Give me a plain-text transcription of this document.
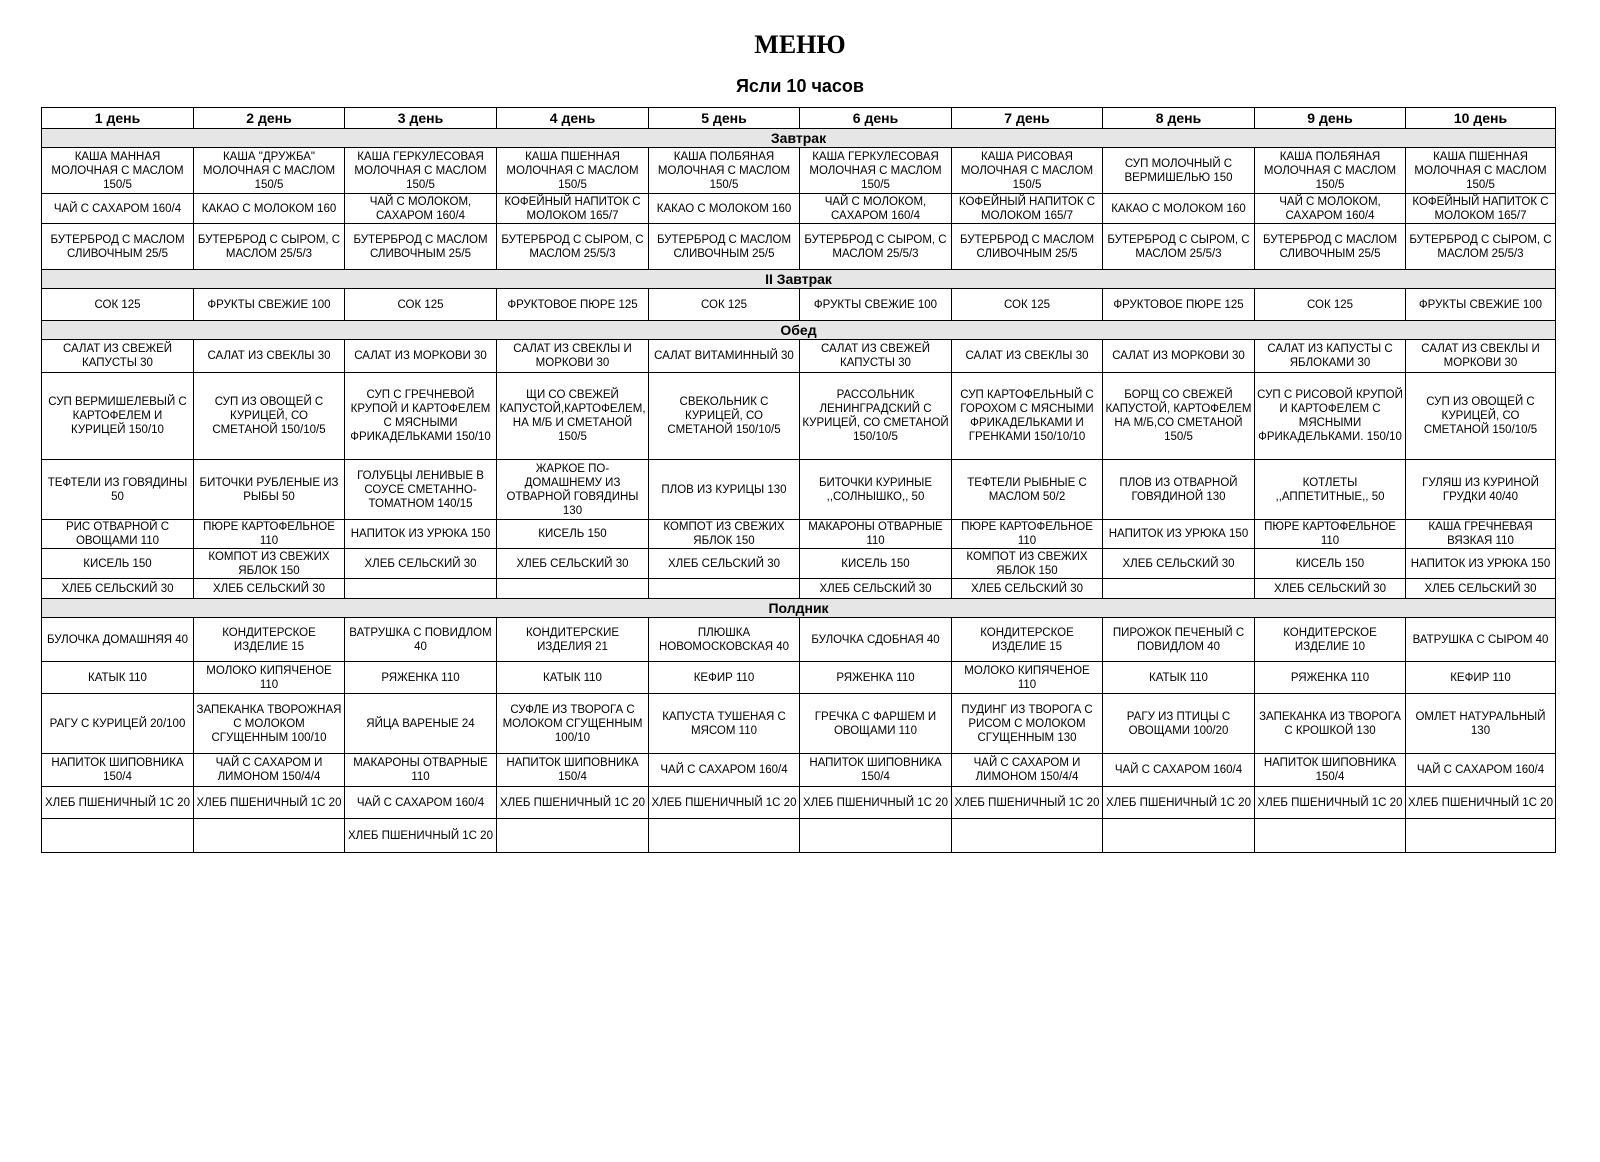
МЕНЮ
Ясли 10 часов
1 день	2 день	3 день	4 день	5 день	6 день	7 день	8 день	9 день	10 день
Завтрак									
КАША МАННАЯ МОЛОЧНАЯ С МАСЛОМ 150/5	КАША "ДРУЖБА" МОЛОЧНАЯ С МАСЛОМ 150/5	КАША ГЕРКУЛЕСОВАЯ МОЛОЧНАЯ С МАСЛОМ 150/5	КАША ПШЕННАЯ МОЛОЧНАЯ С МАСЛОМ 150/5	КАША ПОЛБЯНАЯ МОЛОЧНАЯ С МАСЛОМ 150/5	КАША ГЕРКУЛЕСОВАЯ МОЛОЧНАЯ С МАСЛОМ 150/5	КАША РИСОВАЯ МОЛОЧНАЯ С МАСЛОМ 150/5	СУП МОЛОЧНЫЙ С ВЕРМИШЕЛЬЮ 150	КАША ПОЛБЯНАЯ МОЛОЧНАЯ С МАСЛОМ 150/5	КАША ПШЕННАЯ МОЛОЧНАЯ С МАСЛОМ 150/5
ЧАЙ С САХАРОМ 160/4	КАКАО С МОЛОКОМ 160	ЧАЙ С МОЛОКОМ, САХАРОМ 160/4	КОФЕЙНЫЙ НАПИТОК С МОЛОКОМ 165/7	КАКАО С МОЛОКОМ 160	ЧАЙ С МОЛОКОМ, САХАРОМ 160/4	КОФЕЙНЫЙ НАПИТОК С МОЛОКОМ 165/7	КАКАО С МОЛОКОМ 160	ЧАЙ С МОЛОКОМ, САХАРОМ 160/4	КОФЕЙНЫЙ НАПИТОК С МОЛОКОМ 165/7
БУТЕРБРОД С МАСЛОМ СЛИВОЧНЫМ 25/5	БУТЕРБРОД С СЫРОМ, С МАСЛОМ 25/5/3	БУТЕРБРОД С МАСЛОМ СЛИВОЧНЫМ 25/5	БУТЕРБРОД С СЫРОМ, С МАСЛОМ 25/5/3	БУТЕРБРОД С МАСЛОМ СЛИВОЧНЫМ 25/5	БУТЕРБРОД С СЫРОМ, С МАСЛОМ 25/5/3	БУТЕРБРОД С МАСЛОМ СЛИВОЧНЫМ 25/5	БУТЕРБРОД С СЫРОМ, С МАСЛОМ 25/5/3	БУТЕРБРОД С МАСЛОМ СЛИВОЧНЫМ 25/5	БУТЕРБРОД С СЫРОМ, С МАСЛОМ 25/5/3
II Завтрак									
СОК 125	ФРУКТЫ СВЕЖИЕ 100	СОК 125	ФРУКТОВОЕ ПЮРЕ 125	СОК 125	ФРУКТЫ СВЕЖИЕ 100	СОК 125	ФРУКТОВОЕ ПЮРЕ 125	СОК 125	ФРУКТЫ СВЕЖИЕ 100
Обед									
САЛАТ ИЗ СВЕЖЕЙ КАПУСТЫ 30	САЛАТ ИЗ СВЕКЛЫ 30	САЛАТ ИЗ МОРКОВИ 30	САЛАТ ИЗ СВЕКЛЫ И МОРКОВИ 30	САЛАТ ВИТАМИННЫЙ 30	САЛАТ ИЗ СВЕЖЕЙ КАПУСТЫ 30	САЛАТ ИЗ СВЕКЛЫ 30	САЛАТ ИЗ МОРКОВИ 30	САЛАТ ИЗ КАПУСТЫ С ЯБЛОКАМИ 30	САЛАТ ИЗ СВЕКЛЫ И МОРКОВИ 30
СУП ВЕРМИШЕЛЕВЫЙ С КАРТОФЕЛЕМ И КУРИЦЕЙ 150/10	СУП ИЗ ОВОЩЕЙ С КУРИЦЕЙ, СО СМЕТАНОЙ 150/10/5	СУП С ГРЕЧНЕВОЙ КРУПОЙ И КАРТОФЕЛЕМ С МЯСНЫМИ ФРИКАДЕЛЬКАМИ 150/10	ЩИ СО СВЕЖЕЙ КАПУСТОЙ,КАРТОФЕЛЕМ, НА М/Б И СМЕТАНОЙ 150/5	СВЕКОЛЬНИК С КУРИЦЕЙ, СО СМЕТАНОЙ 150/10/5	РАССОЛЬНИК ЛЕНИНГРАДСКИЙ С КУРИЦЕЙ, СО СМЕТАНОЙ 150/10/5	СУП КАРТОФЕЛЬНЫЙ С ГОРОХОМ С МЯСНЫМИ ФРИКАДЕЛЬКАМИ И ГРЕНКАМИ 150/10/10	БОРЩ СО СВЕЖЕЙ КАПУСТОЙ, КАРТОФЕЛЕМ НА М/Б,СО СМЕТАНОЙ 150/5	СУП С РИСОВОЙ КРУПОЙ И КАРТОФЕЛЕМ С МЯСНЫМИ ФРИКАДЕЛЬКАМИ. 150/10	СУП ИЗ ОВОЩЕЙ С КУРИЦЕЙ, СО СМЕТАНОЙ 150/10/5
ТЕФТЕЛИ ИЗ ГОВЯДИНЫ 50	БИТОЧКИ РУБЛЕНЫЕ ИЗ РЫБЫ 50	ГОЛУБЦЫ ЛЕНИВЫЕ В СОУСЕ СМЕТАННО-ТОМАТНОМ 140/15	ЖАРКОЕ ПО-ДОМАШНЕМУ ИЗ ОТВАРНОЙ ГОВЯДИНЫ 130	ПЛОВ ИЗ КУРИЦЫ 130	БИТОЧКИ КУРИНЫЕ ,,СОЛНЫШКО,, 50	ТЕФТЕЛИ РЫБНЫЕ С МАСЛОМ 50/2	ПЛОВ ИЗ ОТВАРНОЙ ГОВЯДИНОЙ 130	КОТЛЕТЫ ,,АППЕТИТНЫЕ,, 50	ГУЛЯШ ИЗ КУРИНОЙ ГРУДКИ 40/40
РИС ОТВАРНОЙ С ОВОЩАМИ 110	ПЮРЕ КАРТОФЕЛЬНОЕ 110	НАПИТОК ИЗ УРЮКА 150	КИСЕЛЬ 150	КОМПОТ ИЗ СВЕЖИХ ЯБЛОК 150	МАКАРОНЫ ОТВАРНЫЕ 110	ПЮРЕ КАРТОФЕЛЬНОЕ 110	НАПИТОК ИЗ УРЮКА 150	ПЮРЕ КАРТОФЕЛЬНОЕ 110	КАША ГРЕЧНЕВАЯ ВЯЗКАЯ 110
КИСЕЛЬ 150	КОМПОТ ИЗ СВЕЖИХ ЯБЛОК 150	ХЛЕБ СЕЛЬСКИЙ 30	ХЛЕБ СЕЛЬСКИЙ 30	ХЛЕБ СЕЛЬСКИЙ 30	КИСЕЛЬ 150	КОМПОТ ИЗ СВЕЖИХ ЯБЛОК 150	ХЛЕБ СЕЛЬСКИЙ 30	КИСЕЛЬ 150	НАПИТОК ИЗ УРЮКА 150
ХЛЕБ СЕЛЬСКИЙ 30	ХЛЕБ СЕЛЬСКИЙ 30				ХЛЕБ СЕЛЬСКИЙ 30	ХЛЕБ СЕЛЬСКИЙ 30		ХЛЕБ СЕЛЬСКИЙ 30	ХЛЕБ СЕЛЬСКИЙ 30
Полдник									
БУЛОЧКА ДОМАШНЯЯ 40	КОНДИТЕРСКОЕ ИЗДЕЛИЕ 15	ВАТРУШКА С ПОВИДЛОМ 40	КОНДИТЕРСКИЕ ИЗДЕЛИЯ 21	ПЛЮШКА НОВОМОСКОВСКАЯ 40	БУЛОЧКА СДОБНАЯ 40	КОНДИТЕРСКОЕ ИЗДЕЛИЕ 15	ПИРОЖОК ПЕЧЕНЫЙ С ПОВИДЛОМ 40	КОНДИТЕРСКОЕ ИЗДЕЛИЕ 10	ВАТРУШКА С СЫРОМ 40
КАТЫК 110	МОЛОКО КИПЯЧЕНОЕ 110	РЯЖЕНКА 110	КАТЫК 110	КЕФИР 110	РЯЖЕНКА 110	МОЛОКО КИПЯЧЕНОЕ 110	КАТЫК 110	РЯЖЕНКА 110	КЕФИР 110
РАГУ С КУРИЦЕЙ 20/100	ЗАПЕКАНКА ТВОРОЖНАЯ С МОЛОКОМ СГУЩЕННЫМ 100/10	ЯЙЦА ВАРЕНЫЕ 24	СУФЛЕ ИЗ ТВОРОГА С МОЛОКОМ СГУЩЕННЫМ 100/10	КАПУСТА ТУШЕНАЯ С МЯСОМ 110	ГРЕЧКА С ФАРШЕМ И ОВОЩАМИ 110	ПУДИНГ ИЗ ТВОРОГА С РИСОМ С МОЛОКОМ СГУЩЕННЫМ 130	РАГУ ИЗ ПТИЦЫ С ОВОЩАМИ 100/20	ЗАПЕКАНКА ИЗ ТВОРОГА С КРОШКОЙ 130	ОМЛЕТ НАТУРАЛЬНЫЙ 130
НАПИТОК ШИПОВНИКА 150/4	ЧАЙ С САХАРОМ И ЛИМОНОМ 150/4/4	МАКАРОНЫ ОТВАРНЫЕ 110	НАПИТОК ШИПОВНИКА 150/4	ЧАЙ С САХАРОМ 160/4	НАПИТОК ШИПОВНИКА 150/4	ЧАЙ С САХАРОМ И ЛИМОНОМ 150/4/4	ЧАЙ С САХАРОМ 160/4	НАПИТОК ШИПОВНИКА 150/4	ЧАЙ С САХАРОМ 160/4
ХЛЕБ ПШЕНИЧНЫЙ 1С 20	ХЛЕБ ПШЕНИЧНЫЙ 1С 20	ЧАЙ С САХАРОМ 160/4	ХЛЕБ ПШЕНИЧНЫЙ 1С 20	ХЛЕБ ПШЕНИЧНЫЙ 1С 20	ХЛЕБ ПШЕНИЧНЫЙ 1С 20	ХЛЕБ ПШЕНИЧНЫЙ 1С 20	ХЛЕБ ПШЕНИЧНЫЙ 1С 20	ХЛЕБ ПШЕНИЧНЫЙ 1С 20	ХЛЕБ ПШЕНИЧНЫЙ 1С 20
		ХЛЕБ ПШЕНИЧНЫЙ 1С 20							
